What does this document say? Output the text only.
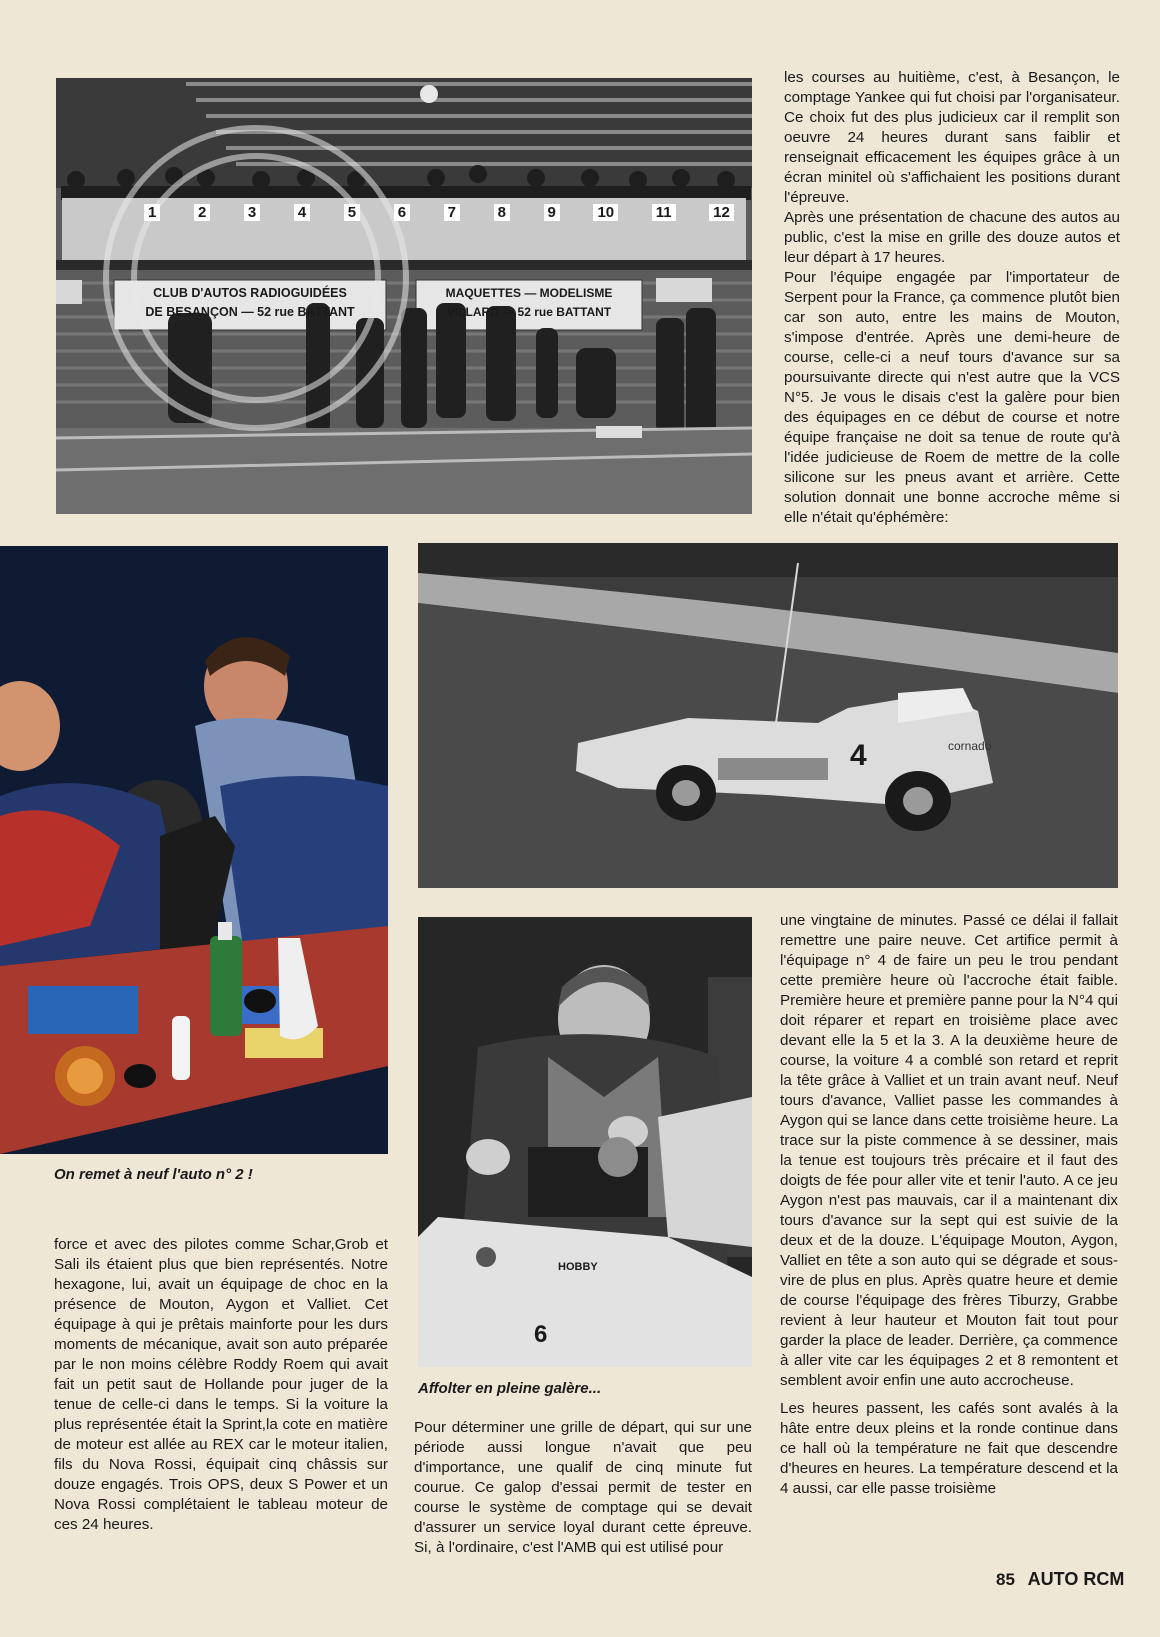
1	2	3	4	5	6	7	8	9	10	11	12
CLUB D'AUTOS RADIOGUIDÉES
DE BESANÇON — 52 rue BATTANT
MAQUETTES — MODELISME
VILLARD — 52 rue BATTANT

les courses au huitième, c'est, à Besançon, le comptage Yankee qui fut choisi par l'organisateur. Ce choix fut des plus judicieux car il remplit son oeuvre 24 heures durant sans faiblir et renseignait efficacement les équipes grâce à un écran minitel où s'affichaient les positions durant l'épreuve.

Après une présentation de chacune des autos au public, c'est la mise en grille des douze autos et leur départ à 17 heures.

Pour l'équipe engagée par l'importateur de Serpent pour la France, ça commence plutôt bien car son auto, entre les mains de Mouton, s'impose d'entrée. Après une demi-heure de course, celle-ci a neuf tours d'avance sur sa poursuivante directe qui n'est autre que la VCS N°5. Je vous le disais c'est la galère pour bien des équipages en ce début de course et notre équipe française ne doit sa tenue de route qu'à l'idée judicieuse de Roem de mettre de la colle silicone sur les pneus avant et arrière. Cette solution donnait une bonne accroche même si elle n'était qu'éphémère:

On remet à neuf l'auto n° 2 !
4	cornado
6
HOBBY
Affolter en pleine galère...

force et avec des pilotes comme Schar,Grob et Sali ils étaient plus que bien représentés. Notre hexagone, lui, avait un équipage de choc en la présence de Mouton, Aygon et Valliet. Cet équipage à qui je prêtais mainforte pour les durs moments de mécanique, avait son auto préparée par le non moins célèbre Roddy Roem qui avait fait un petit saut de Hollande pour juger de la tenue de celle-ci dans le temps. Si la voiture la plus représentée était la Sprint,la cote en matière de moteur est allée au REX car le moteur italien, fils du Nova Rossi, équipait cinq châssis sur douze engagés. Trois OPS, deux S Power et un Nova Rossi complétaient le tableau moteur de ces 24 heures.

Pour déterminer une grille de départ, qui sur une période aussi longue n'avait que peu d'importance, une qualif de cinq minute fut courue. Ce galop d'essai permit de tester en course le système de comptage qui se devait d'assurer un service loyal durant cette épreuve. Si, à l'ordinaire, c'est l'AMB qui est utilisé pour

une vingtaine de minutes. Passé ce délai il fallait remettre une paire neuve. Cet artifice permit à l'équipage n° 4 de faire un peu le trou pendant cette première heure où l'accroche était faible. Première heure et première panne pour la N°4 qui doit réparer et repart en troisième place avec devant elle la 5 et la 3. A la deuxième heure de course, la voiture 4 a comblé son retard et reprit la tête grâce à Valliet et un train avant neuf. Neuf tours d'avance, Valliet passe les commandes à Aygon qui se lance dans cette troisième heure. La trace sur la piste commence à se dessiner, mais la tenue est toujours très précaire et il faut des doigts de fée pour aller vite et tenir l'auto. A ce jeu Aygon n'est pas mauvais, car il a maintenant dix tours d'avance sur la sept qui est suivie de la deux et de la douze. L'équipage Mouton, Aygon, Valliet en tête a son auto qui se dégrade et sous-vire de plus en plus. Après quatre heure et demie de course l'équipage des frères Tiburzy, Grabbe revient à leur hauteur et Mouton fait tout pour garder la place de leader. Derrière, ça commence à aller vite car les équipages 2 et 8 remontent et semblent avoir enfin une auto accrocheuse.

Les heures passent, les cafés sont avalés à la hâte entre deux pleins et la ronde continue dans ce hall où la température ne fait que descendre d'heures en heures. La température descend et la 4 aussi, car elle passe troisième

85 AUTO RCM
